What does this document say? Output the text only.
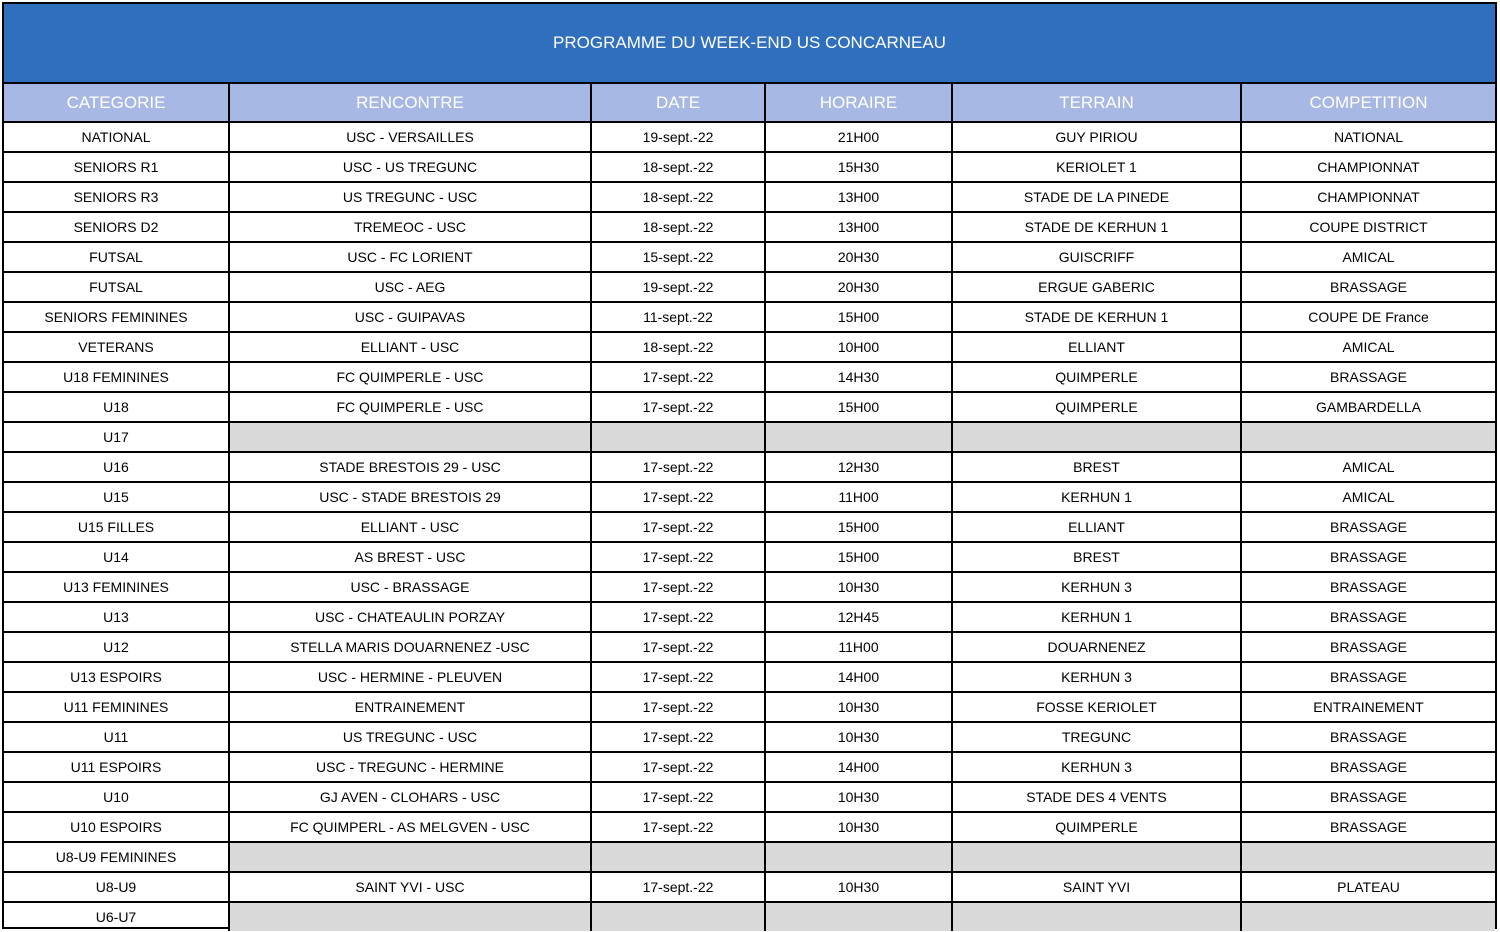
PROGRAMME DU WEEK-END US CONCARNEAU
CATEGORIE	RENCONTRE	DATE	HORAIRE	TERRAIN	COMPETITION
NATIONAL	USC - VERSAILLES	19-sept.-22	21H00	GUY PIRIOU	NATIONAL
SENIORS R1	USC - US TREGUNC	18-sept.-22	15H30	KERIOLET 1	CHAMPIONNAT
SENIORS R3	US TREGUNC - USC	18-sept.-22	13H00	STADE DE LA PINEDE	CHAMPIONNAT
SENIORS D2	TREMEOC - USC	18-sept.-22	13H00	STADE DE KERHUN 1	COUPE DISTRICT
FUTSAL	USC - FC LORIENT	15-sept.-22	20H30	GUISCRIFF	AMICAL
FUTSAL	USC - AEG	19-sept.-22	20H30	ERGUE GABERIC	BRASSAGE
SENIORS FEMININES	USC - GUIPAVAS	11-sept.-22	15H00	STADE DE KERHUN 1	COUPE DE France
VETERANS	ELLIANT - USC	18-sept.-22	10H00	ELLIANT	AMICAL
U18 FEMININES	FC QUIMPERLE - USC	17-sept.-22	14H30	QUIMPERLE	BRASSAGE
U18	FC QUIMPERLE - USC	17-sept.-22	15H00	QUIMPERLE	GAMBARDELLA
U17					
U16	STADE BRESTOIS 29 - USC	17-sept.-22	12H30	BREST	AMICAL
U15	USC - STADE BRESTOIS 29	17-sept.-22	11H00	KERHUN 1	AMICAL
U15 FILLES	ELLIANT - USC	17-sept.-22	15H00	ELLIANT	BRASSAGE
U14	AS BREST - USC	17-sept.-22	15H00	BREST	BRASSAGE
U13 FEMININES	USC - BRASSAGE	17-sept.-22	10H30	KERHUN 3	BRASSAGE
U13	USC - CHATEAULIN PORZAY	17-sept.-22	12H45	KERHUN 1	BRASSAGE
U12	STELLA MARIS DOUARNENEZ -USC	17-sept.-22	11H00	DOUARNENEZ	BRASSAGE
U13 ESPOIRS	USC - HERMINE - PLEUVEN	17-sept.-22	14H00	KERHUN 3	BRASSAGE
U11 FEMININES	ENTRAINEMENT	17-sept.-22	10H30	FOSSE KERIOLET	ENTRAINEMENT
U11	US TREGUNC - USC	17-sept.-22	10H30	TREGUNC	BRASSAGE
U11 ESPOIRS	USC - TREGUNC - HERMINE	17-sept.-22	14H00	KERHUN 3	BRASSAGE
U10	GJ AVEN - CLOHARS - USC	17-sept.-22	10H30	STADE DES 4 VENTS	BRASSAGE
U10 ESPOIRS	FC QUIMPERL - AS MELGVEN - USC	17-sept.-22	10H30	QUIMPERLE	BRASSAGE
U8-U9 FEMININES					
U8-U9	SAINT YVI - USC	17-sept.-22	10H30	SAINT YVI	PLATEAU
U6-U7					
